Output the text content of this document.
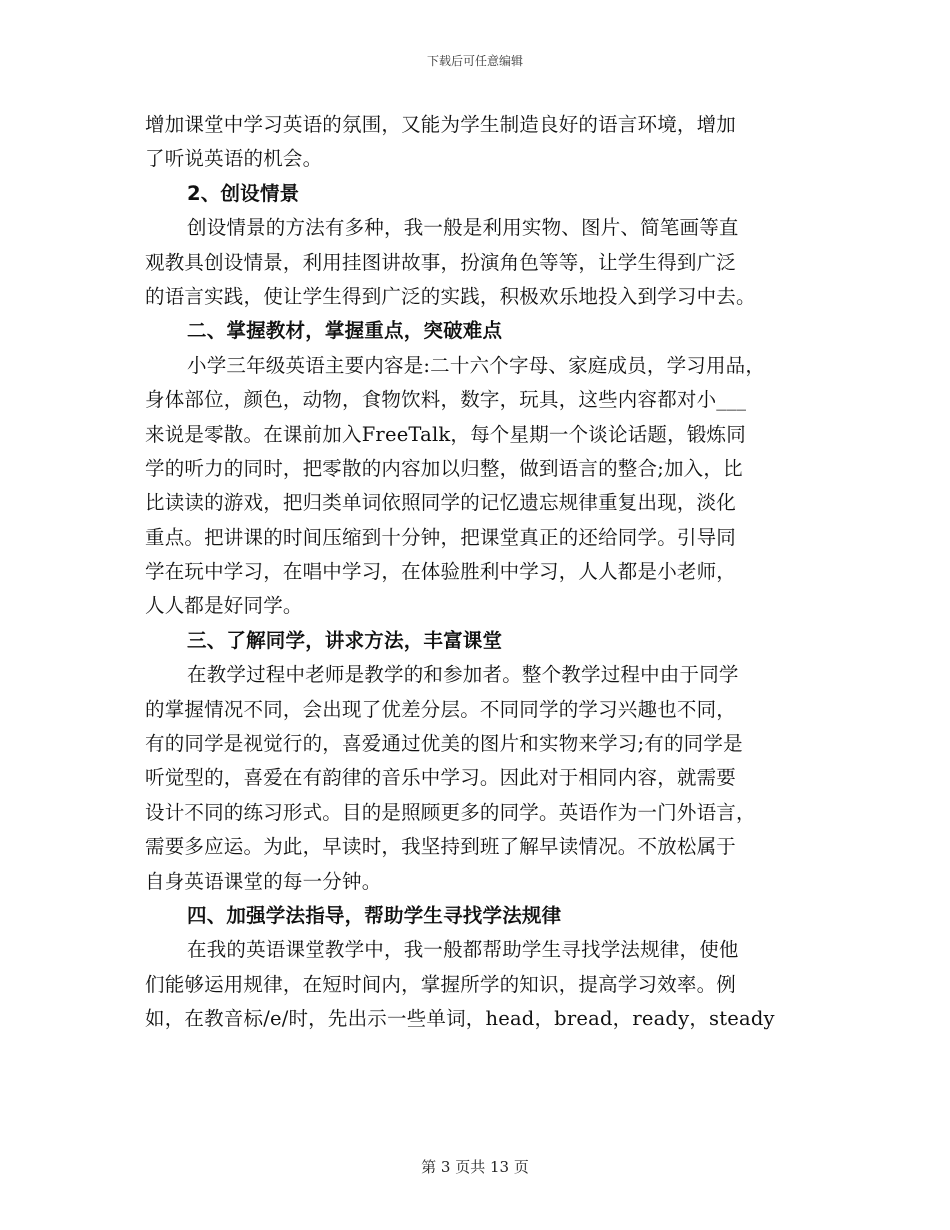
下载后可任意编辑
增加课堂中学习英语的氛围，又能为学生制造良好的语言环境，增加
了听说英语的机会。
2、创设情景
创设情景的方法有多种，我一般是利用实物、图片、简笔画等直
观教具创设情景，利用挂图讲故事，扮演角色等等，让学生得到广泛
的语言实践，使让学生得到广泛的实践，积极欢乐地投入到学习中去。
二、掌握教材，掌握重点，突破难点
小学三年级英语主要内容是:二十六个字母、家庭成员，学习用品，
身体部位，颜色，动物，食物饮料，数字，玩具，这些内容都对小___
来说是零散。在课前加入FreeTalk，每个星期一个谈论话题，锻炼同
学的听力的同时，把零散的内容加以归整，做到语言的整合;加入，比
比读读的游戏，把归类单词依照同学的记忆遗忘规律重复出现，淡化
重点。把讲课的时间压缩到十分钟，把课堂真正的还给同学。引导同
学在玩中学习，在唱中学习，在体验胜利中学习，人人都是小老师，
人人都是好同学。
三、了解同学，讲求方法，丰富课堂
在教学过程中老师是教学的和参加者。整个教学过程中由于同学
的掌握情况不同，会出现了优差分层。不同同学的学习兴趣也不同，
有的同学是视觉行的，喜爱通过优美的图片和实物来学习;有的同学是
听觉型的，喜爱在有韵律的音乐中学习。因此对于相同内容，就需要
设计不同的练习形式。目的是照顾更多的同学。英语作为一门外语言，
需要多应运。为此，早读时，我坚持到班了解早读情况。不放松属于
自身英语课堂的每一分钟。
四、加强学法指导，帮助学生寻找学法规律
在我的英语课堂教学中，我一般都帮助学生寻找学法规律，使他
们能够运用规律，在短时间内，掌握所学的知识，提高学习效率。例
如，在教音标/e/时，先出示一些单词，head，bread，ready，steady
第 3 页共 13 页
